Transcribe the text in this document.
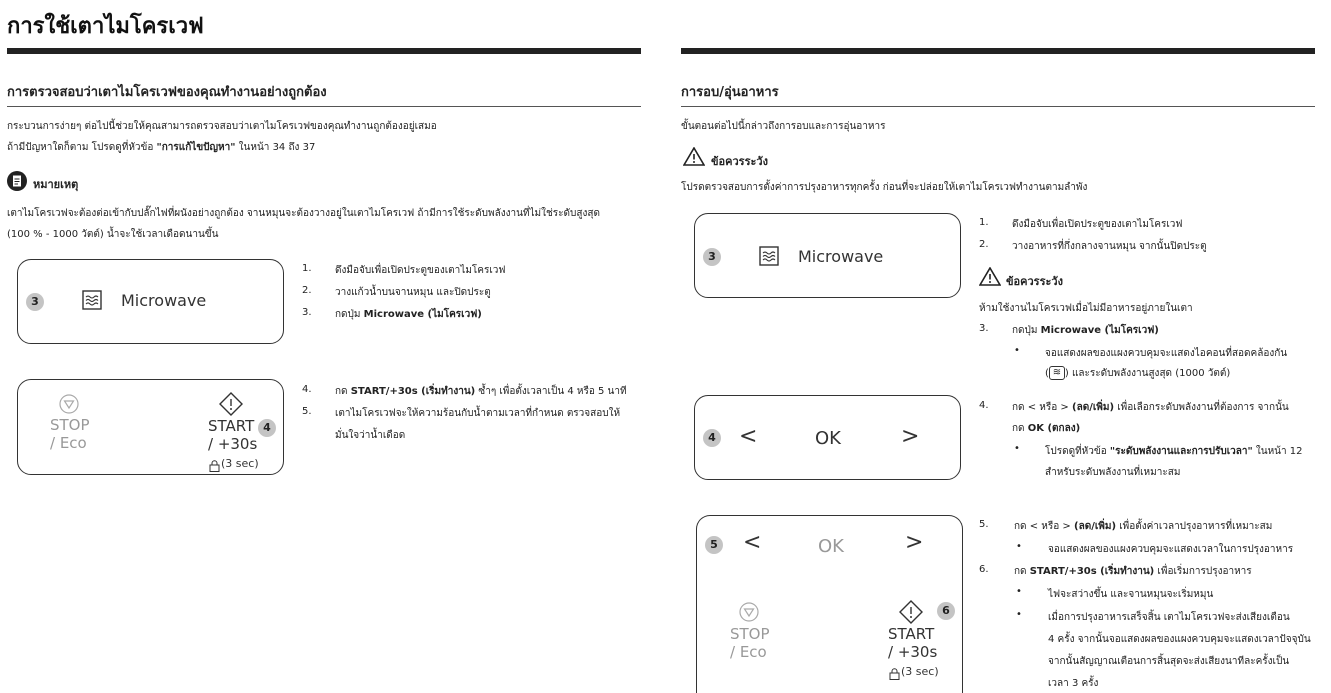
การใช้เตาไมโครเวฟ
การตรวจสอบว่าเตาไมโครเวฟของคุณทำงานอย่างถูกต้อง
กระบวนการง่ายๆ ต่อไปนี้ช่วยให้คุณสามารถตรวจสอบว่าเตาไมโครเวฟของคุณทำงานถูกต้องอยู่เสมอ
ถ้ามีปัญหาใดก็ตาม โปรดดูที่หัวข้อ "การแก้ไขปัญหา" ในหน้า 34 ถึง 37
หมายเหตุ
เตาไมโครเวฟจะต้องต่อเข้ากับปลั๊กไฟที่ผนังอย่างถูกต้อง จานหมุนจะต้องวางอยู่ในเตาไมโครเวฟ ถ้ามีการใช้ระดับพลังงานที่ไม่ใช่ระดับสูงสุด
(100 % - 1000 วัตต์) น้ำจะใช้เวลาเดือดนานขึ้น
3	Microwave
STOP
/ Eco
START
/ +30s
(3 sec)
4
1. ดึงมือจับเพื่อเปิดประตูของเตาไมโครเวฟ
2. วางแก้วน้ำบนจานหมุน และปิดประตู
3. กดปุ่ม Microwave (ไมโครเวฟ)
4. กด START/+30s (เริ่มทำงาน) ซ้ำๆ เพื่อตั้งเวลาเป็น 4 หรือ 5 นาที
5. เตาไมโครเวฟจะให้ความร้อนกับน้ำตามเวลาที่กำหนด ตรวจสอบให้
มั่นใจว่าน้ำเดือด
การอบ/อุ่นอาหาร
ขั้นตอนต่อไปนี้กล่าวถึงการอบและการอุ่นอาหาร
ข้อควรระวัง
โปรดตรวจสอบการตั้งค่าการปรุงอาหารทุกครั้ง ก่อนที่จะปล่อยให้เตาไมโครเวฟทำงานตามลำพัง
3	Microwave
4 <	OK	>
5 <	OK	>
STOP
/ Eco
6
START
/ +30s
(3 sec)
1. ดึงมือจับเพื่อเปิดประตูของเตาไมโครเวฟ
2. วางอาหารที่กึ่งกลางจานหมุน จากนั้นปิดประตู
ข้อควรระวัง
ห้ามใช้งานไมโครเวฟเมื่อไม่มีอาหารอยู่ภายในเตา
3. กดปุ่ม Microwave (ไมโครเวฟ)
•	จอแสดงผลของแผงควบคุมจะแสดงไอคอนที่สอดคล้องกัน
( ≋ ) และระดับพลังงานสูงสุด (1000 วัตต์)
4. กด < หรือ > (ลด/เพิ่ม) เพื่อเลือกระดับพลังงานที่ต้องการ จากนั้น
กด OK (ตกลง)
•	โปรดดูที่หัวข้อ "ระดับพลังงานและการปรับเวลา" ในหน้า 12
สำหรับระดับพลังงานที่เหมาะสม
5.	กด < หรือ > (ลด/เพิ่ม) เพื่อตั้งค่าเวลาปรุงอาหารที่เหมาะสม
•	จอแสดงผลของแผงควบคุมจะแสดงเวลาในการปรุงอาหาร
6.	กด START/+30s (เริ่มทำงาน) เพื่อเริ่มการปรุงอาหาร
•	ไฟจะสว่างขึ้น และจานหมุนจะเริ่มหมุน
•	เมื่อการปรุงอาหารเสร็จสิ้น เตาไมโครเวฟจะส่งเสียงเตือน
4 ครั้ง จากนั้นจอแสดงผลของแผงควบคุมจะแสดงเวลาปัจจุบัน
จากนั้นสัญญาณเตือนการสิ้นสุดจะส่งเสียงนาทีละครั้งเป็น
เวลา 3 ครั้ง
